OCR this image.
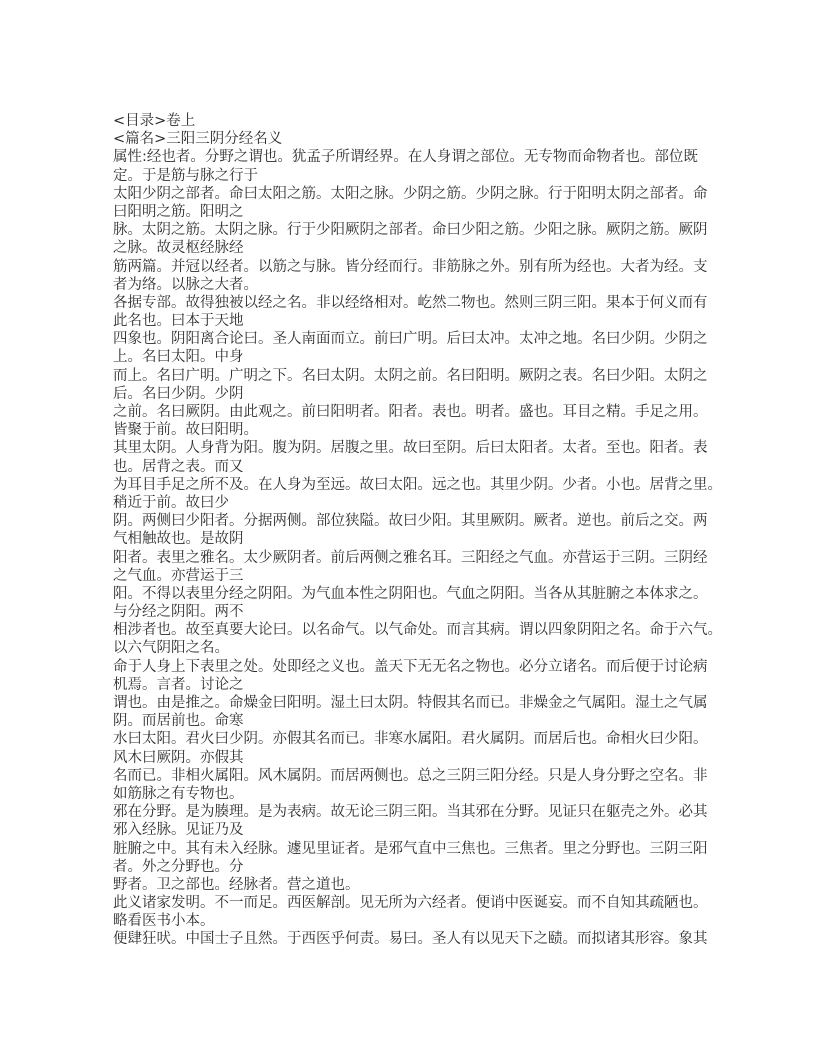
<目录>卷上
<篇名>三阳三阴分经名义
属性:经也者。分野之谓也。犹孟子所谓经界。在人身谓之部位。无专物而命物者也。部位既
定。于是筋与脉之行于
太阳少阴之部者。命曰太阳之筋。太阳之脉。少阴之筋。少阴之脉。行于阳明太阴之部者。命
曰阳明之筋。阳明之
脉。太阴之筋。太阴之脉。行于少阳厥阴之部者。命曰少阳之筋。少阳之脉。厥阴之筋。厥阴
之脉。故灵枢经脉经
筋两篇。并冠以经者。以筋之与脉。皆分经而行。非筋脉之外。别有所为经也。大者为经。支
者为络。以脉之大者。
各据专部。故得独被以经之名。非以经络相对。屹然二物也。然则三阴三阳。果本于何义而有
此名也。曰本于天地
四象也。阴阳离合论曰。圣人南面而立。前曰广明。后曰太冲。太冲之地。名曰少阴。少阴之
上。名曰太阳。中身
而上。名曰广明。广明之下。名曰太阴。太阴之前。名曰阳明。厥阴之表。名曰少阳。太阴之
后。名曰少阴。少阴
之前。名曰厥阴。由此观之。前曰阳明者。阳者。表也。明者。盛也。耳目之精。手足之用。
皆聚于前。故曰阳明。
其里太阴。人身背为阳。腹为阴。居腹之里。故曰至阴。后曰太阳者。太者。至也。阳者。表
也。居背之表。而又
为耳目手足之所不及。在人身为至远。故曰太阳。远之也。其里少阴。少者。小也。居背之里。
稍近于前。故曰少
阴。两侧曰少阳者。分据两侧。部位狭隘。故曰少阳。其里厥阴。厥者。逆也。前后之交。两
气相触故也。是故阴
阳者。表里之雅名。太少厥阴者。前后两侧之雅名耳。三阳经之气血。亦营运于三阴。三阴经
之气血。亦营运于三
阳。不得以表里分经之阴阳。为气血本性之阴阳也。气血之阴阳。当各从其脏腑之本体求之。
与分经之阴阳。两不
相涉者也。故至真要大论曰。以名命气。以气命处。而言其病。谓以四象阴阳之名。命于六气。
以六气阴阳之名。
命于人身上下表里之处。处即经之义也。盖天下无无名之物也。必分立诸名。而后便于讨论病
机焉。言者。讨论之
谓也。由是推之。命燥金曰阳明。湿土曰太阴。特假其名而已。非燥金之气属阳。湿土之气属
阴。而居前也。命寒
水曰太阳。君火曰少阴。亦假其名而已。非寒水属阳。君火属阴。而居后也。命相火曰少阳。
风木曰厥阴。亦假其
名而已。非相火属阳。风木属阴。而居两侧也。总之三阴三阳分经。只是人身分野之空名。非
如筋脉之有专物也。
邪在分野。是为腠理。是为表病。故无论三阴三阳。当其邪在分野。见证只在躯壳之外。必其
邪入经脉。见证乃及
脏腑之中。其有未入经脉。遽见里证者。是邪气直中三焦也。三焦者。里之分野也。三阴三阳
者。外之分野也。分
野者。卫之部也。经脉者。营之道也。
此义诸家发明。不一而足。西医解剖。见无所为六经者。便诮中医诞妄。而不自知其疏陋也。
略看医书小本。
便肆狂吠。中国士子且然。于西医乎何责。易曰。圣人有以见天下之赜。而拟诸其形容。象其
